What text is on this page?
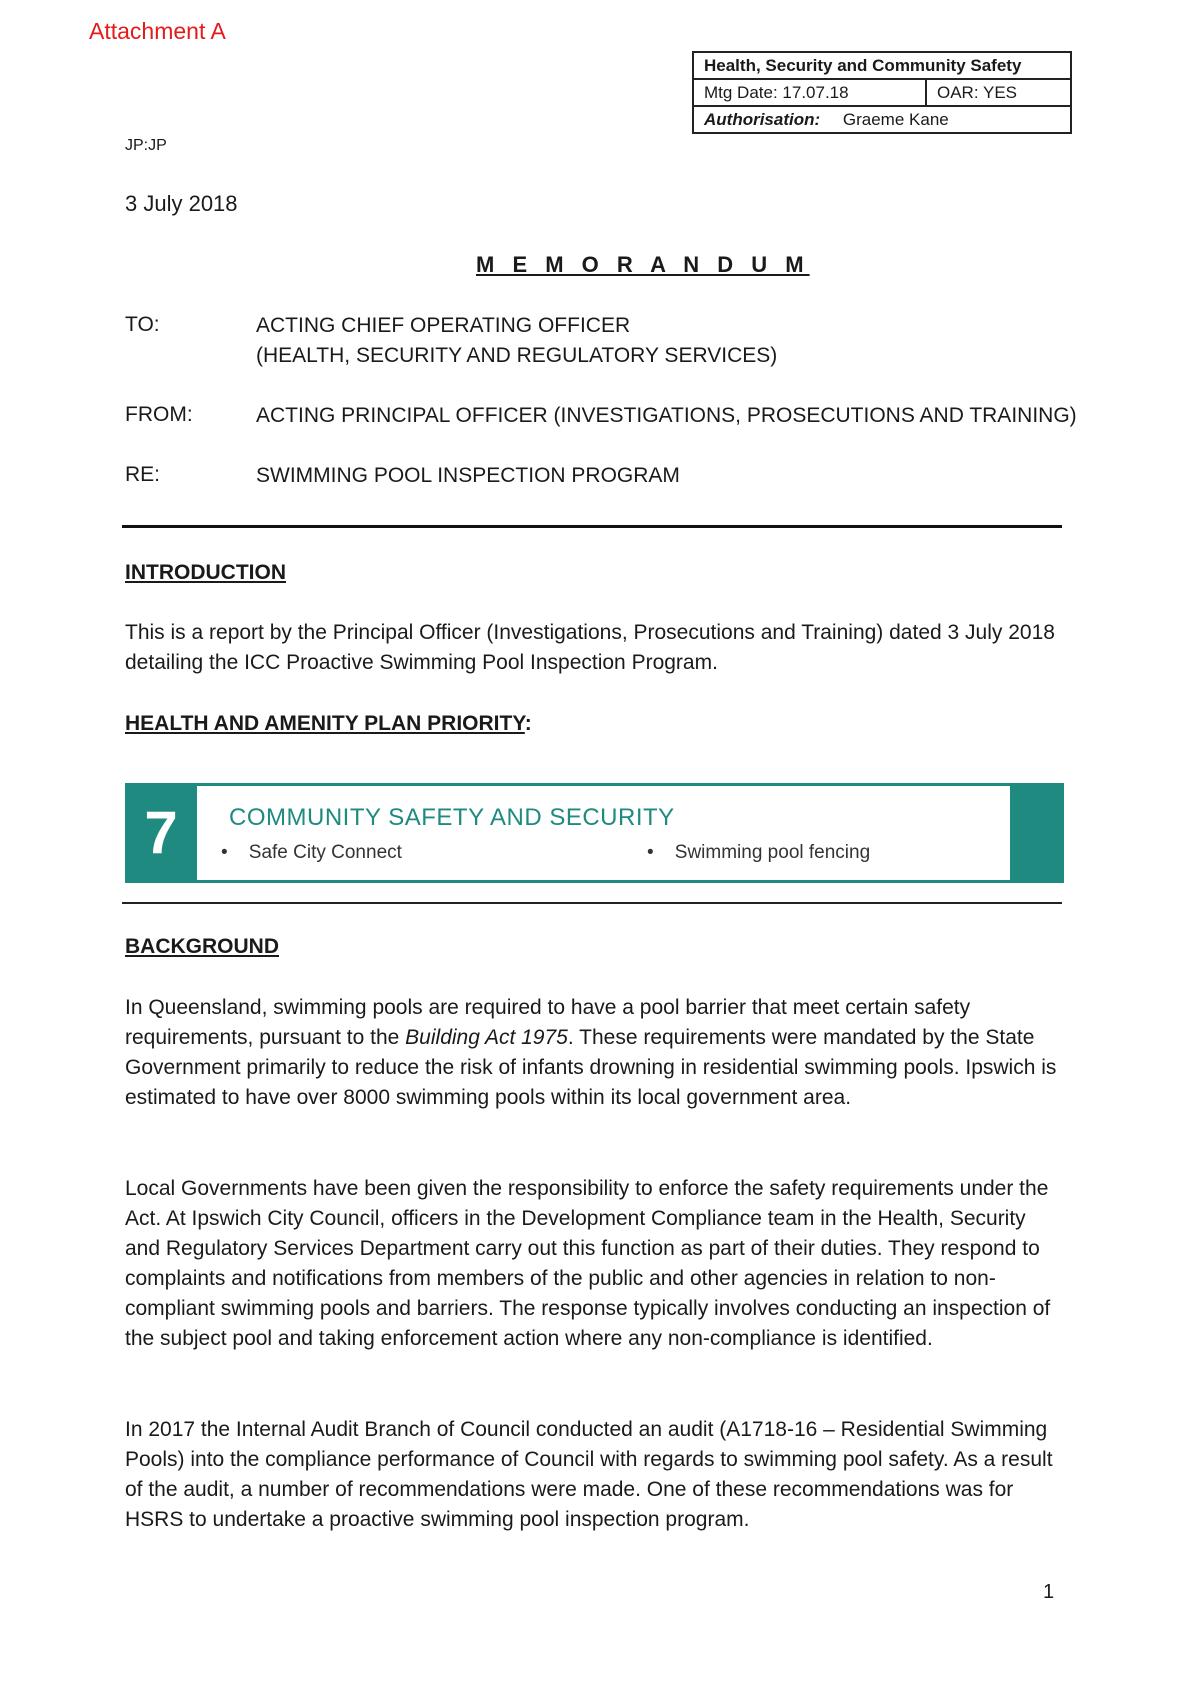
Attachment A
Health, Security and Community Safety
Mtg Date: 17.07.18	OAR: YES
Authorisation: Graeme Kane
JP:JP
3 July 2018
M E M O R A N D U M
TO:	ACTING CHIEF OPERATING OFFICER
(HEALTH, SECURITY AND REGULATORY SERVICES)
FROM:	ACTING PRINCIPAL OFFICER (INVESTIGATIONS, PROSECUTIONS AND TRAINING)
RE:	SWIMMING POOL INSPECTION PROGRAM
INTRODUCTION
This is a report by the Principal Officer (Investigations, Prosecutions and Training) dated 3 July 2018 detailing the ICC Proactive Swimming Pool Inspection Program.
HEALTH AND AMENITY PLAN PRIORITY:
7	COMMUNITY SAFETY AND SECURITY
•    Safe City Connect	•    Swimming pool fencing
BACKGROUND
In Queensland, swimming pools are required to have a pool barrier that meet certain safety requirements, pursuant to the Building Act 1975. These requirements were mandated by the State Government primarily to reduce the risk of infants drowning in residential swimming pools. Ipswich is estimated to have over 8000 swimming pools within its local government area.
Local Governments have been given the responsibility to enforce the safety requirements under the Act. At Ipswich City Council, officers in the Development Compliance team in the Health, Security and Regulatory Services Department carry out this function as part of their duties. They respond to complaints and notifications from members of the public and other agencies in relation to non-compliant swimming pools and barriers. The response typically involves conducting an inspection of the subject pool and taking enforcement action where any non-compliance is identified.
In 2017 the Internal Audit Branch of Council conducted an audit (A1718-16 – Residential Swimming Pools) into the compliance performance of Council with regards to swimming pool safety. As a result of the audit, a number of recommendations were made. One of these recommendations was for HSRS to undertake a proactive swimming pool inspection program.
1
